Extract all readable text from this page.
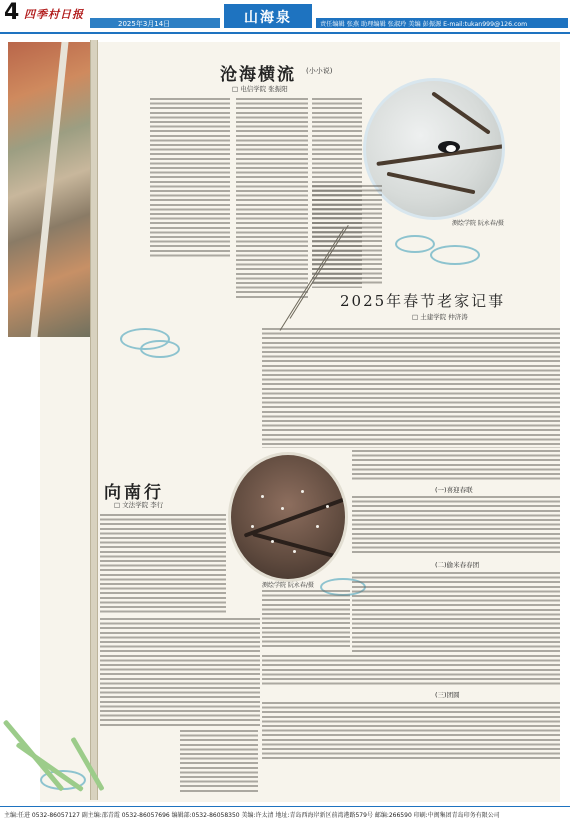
4 四季村日报
2025年3月14日	山海泉	责任编辑 张燕 助理编辑 张淑玲 美编 彭振源 E-mail:tukan999@126.com
沧海横流 (小小说)
□ 电信学院 张振阳
测绘学院 阮永春/摄
2025年春节老家记事
□ 土建学院 仲济涛
(一)喜迎春联
(二)偷米春春团
(三)团圆
向南行
□ 文法学院 李行
测绘学院 阮永春/摄
主编:任进 0532-86057127 副主编:邵青霞 0532-86057696 编辑部:0532-86058350 美编:许太清 地址:青岛西海岸新区前湾港路579号 邮编:266590 印刷:中闽集团青岛印务有限公司
